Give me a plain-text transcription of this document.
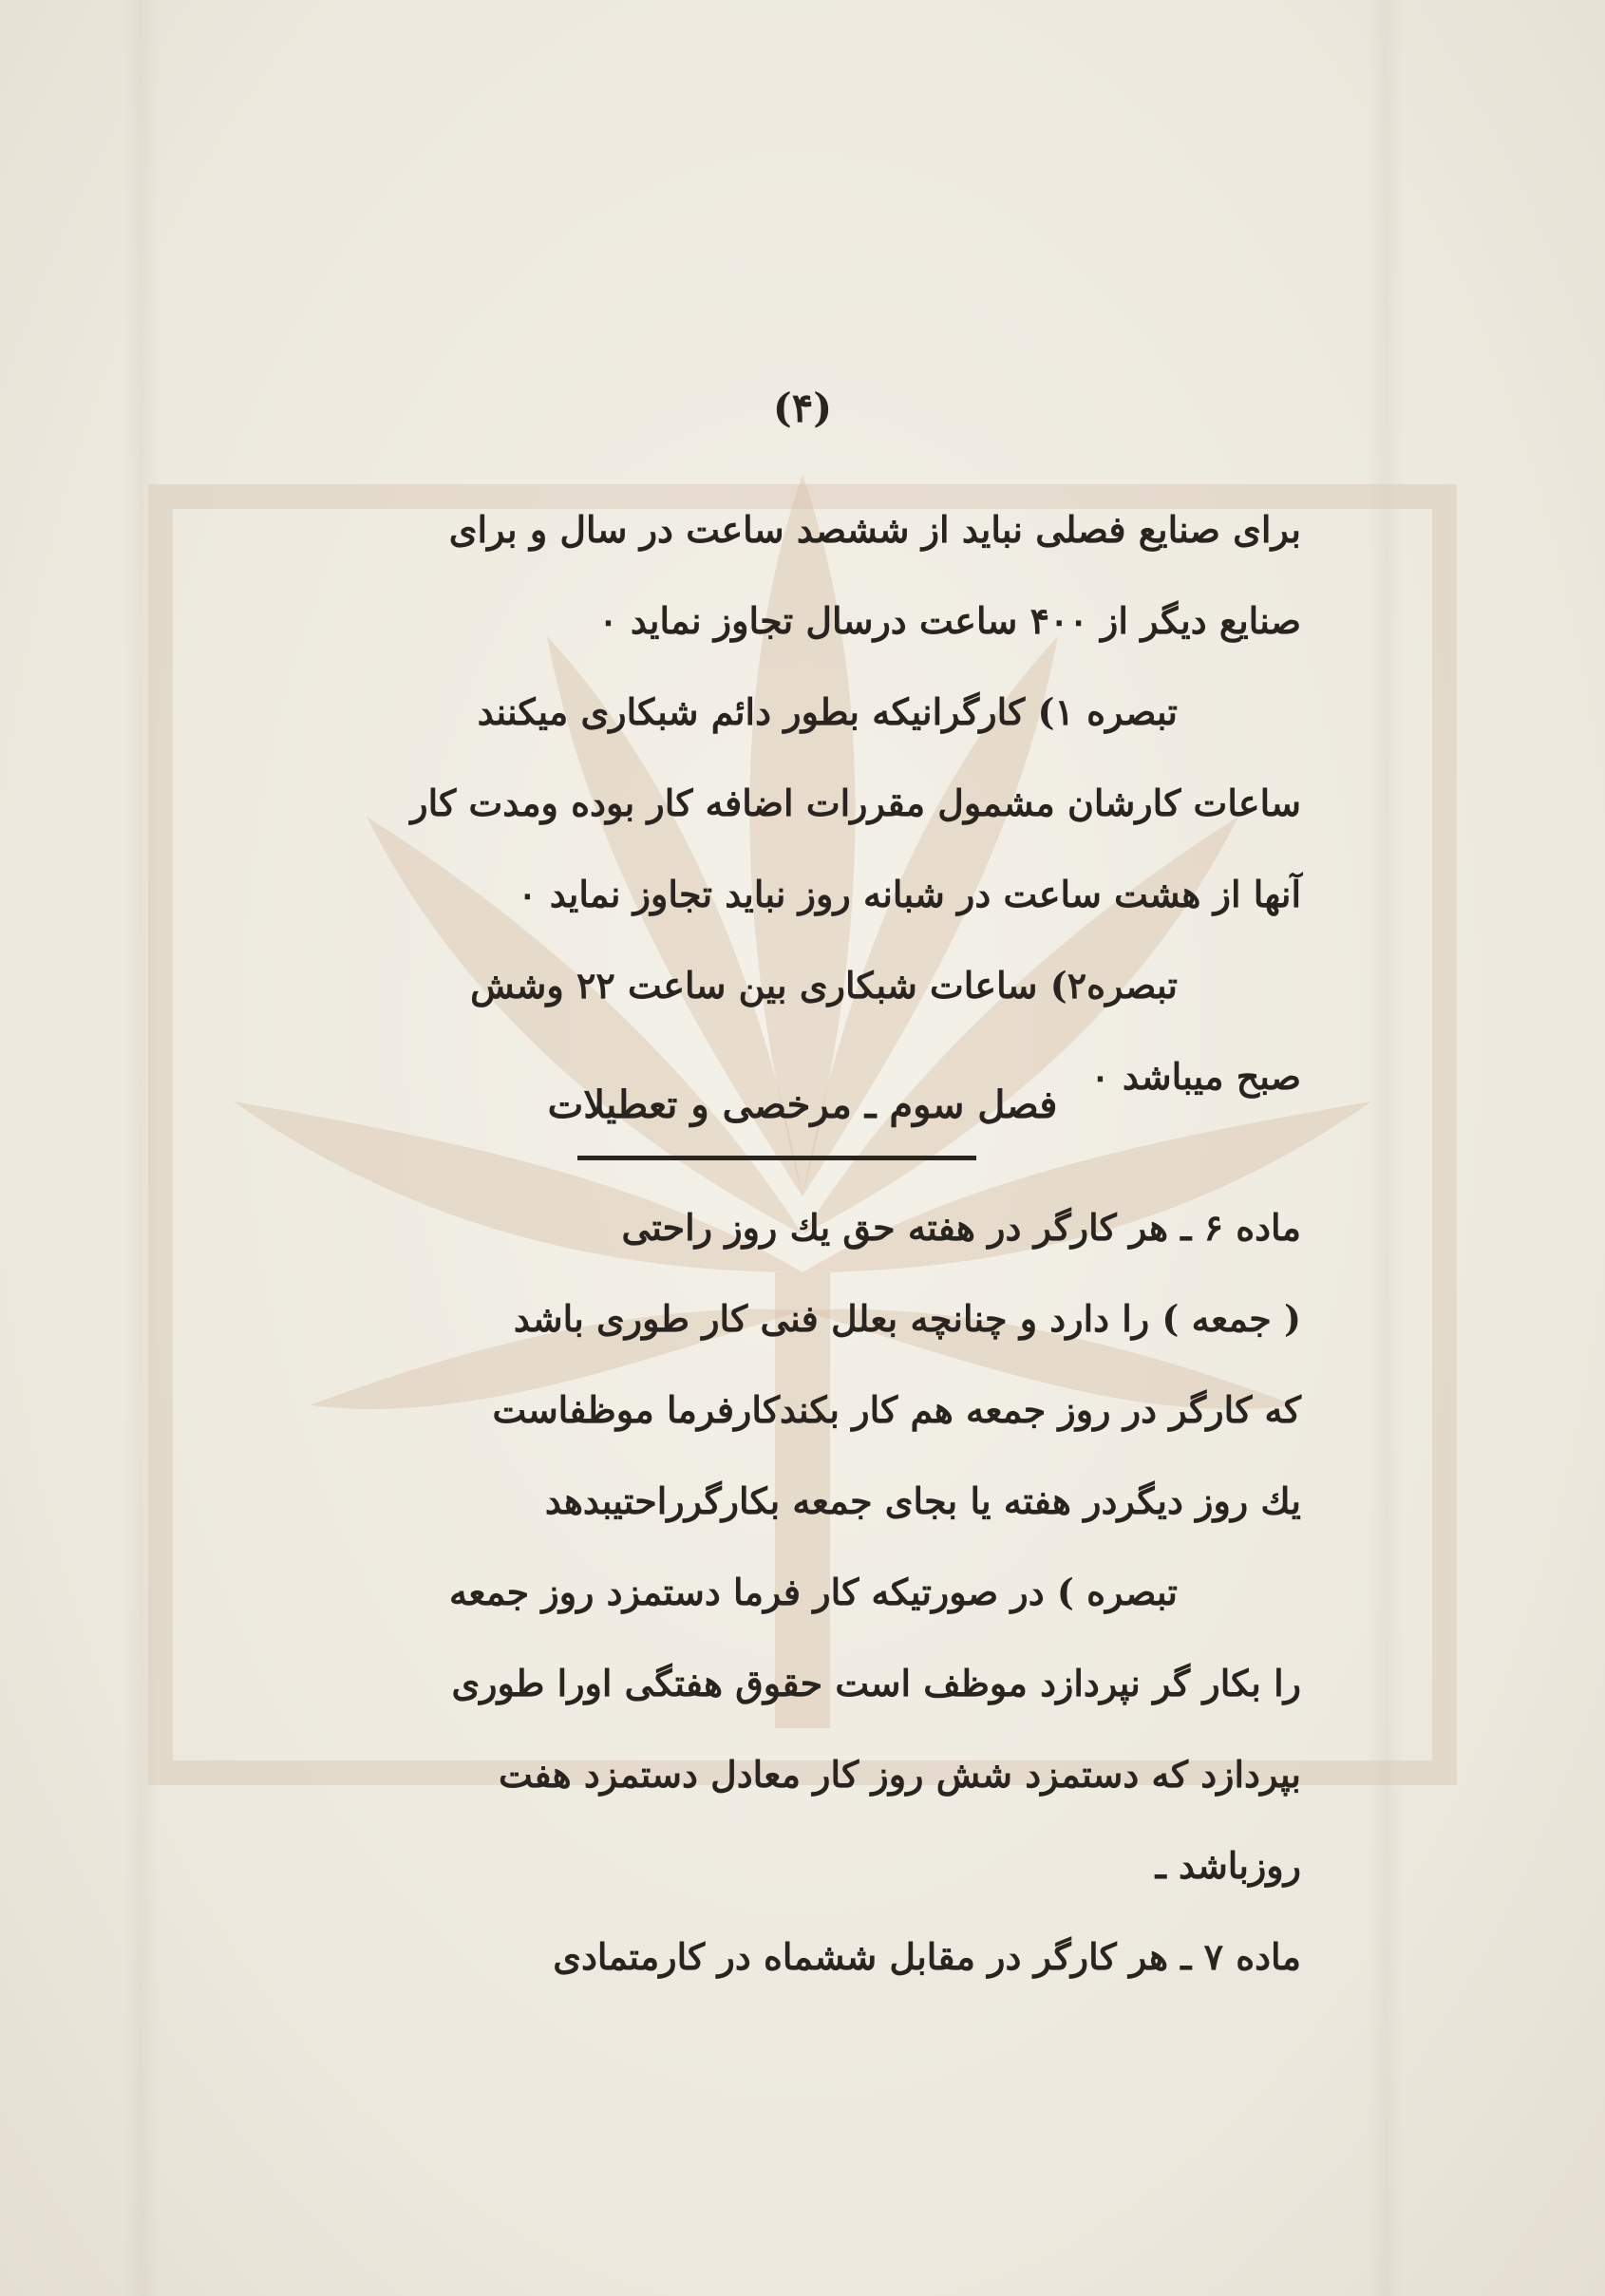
(۴)
برای صنایع فصلی نباید از ششصد ساعت در سال و برای
صنایع دیگر از ۴۰۰ ساعت درسال تجاوز نماید ۰
تبصره ۱) کارگرانیکه بطور دائم شبکاری میکنند
ساعات کارشان مشمول مقررات اضافه کار بوده ومدت کار
آنها از هشت ساعت در شبانه روز نباید تجاوز نماید ۰
تبصره۲) ساعات شبکاری بین ساعت ۲۲ وشش
صبح میباشد ۰
فصل سوم ـ مرخصی و تعطیلات
ماده ۶ ـ هر کارگر در هفته حق یك روز راحتی
( جمعه ) را دارد و چنانچه بعلل فنی کار طوری باشد
که کارگر در روز جمعه هم کار بکندکارفرما موظفاست
یك روز دیگردر هفته یا بجای جمعه بکارگرراحتیبدهد
تبصره ) در صورتیکه کار فرما دستمزد روز جمعه
را بکار گر نپردازد موظف است حقوق هفتگی اورا طوری
بپردازد که دستمزد شش روز کار معادل دستمزد هفت
روزباشد ـ
ماده ۷ ـ هر کارگر در مقابل ششماه در کارمتمادی
